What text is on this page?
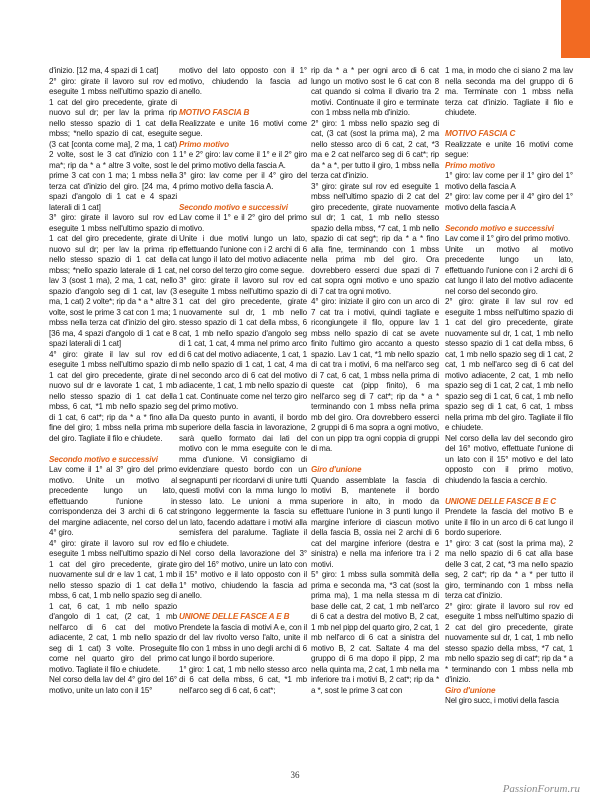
d'inizio. [12 ma, 4 spazi di 1 cat]

2° giro: girate il lavoro sul rov ed eseguite 1 mbss nell'ultimo spazio di 1 cat del giro precedente, girate di nuovo sul dr; per lav la prima rip nello stesso spazio di 1 cat della mbss; *nello spazio di cat, eseguite (3 cat [conta come ma], 2 ma, 1 cat) 2 volte, sost le 3 cat d'inizio con 1 ma*; rip da * a * altre 3 volte, sost le prime 3 cat con 1 ma; 1 mbss nella terza cat d'inizio del giro. [24 ma, 4 spazi d'angolo di 1 cat e 4 spazi laterali di 1 cat]

3° giro: girate il lavoro sul rov ed eseguite 1 mbss nell'ultimo spazio di 1 cat del giro precedente, girate di nuovo sul dr; per lav la prima rip nello stesso spazio di 1 cat della mbss; *nello spazio laterale di 1 cat, lav 3 (sost 1 ma), 2 ma, 1 cat, nello spazio d'angolo seg di 1 cat, lav (3 ma, 1 cat) 2 volte*; rip da * a * altre 3 volte, sost le prime 3 cat con 1 ma; 1 mbss nella terza cat d'inizio del giro. [36 ma, 4 spazi d'angolo di 1 cat e 8 spazi laterali di 1 cat]

4° giro: girate il lav sul rov ed eseguite 1 mbss nell'ultimo spazio di 1 cat del giro precedente, girate di nuovo sul dr e lavorate 1 cat, 1 mb nello stesso spazio di 1 cat della mbss, 6 cat, *1 mb nello spazio seg di 1 cat, 6 cat*; rip da * a * fino alla fine del giro; 1 mbss nella prima mb del giro. Tagliate il filo e chiudete.

Secondo motivo e successivi

Lav come il 1° al 3° giro del primo motivo. Unite un motivo al precedente lungo un lato, effettuando l'unione in corrispondenza dei 3 archi di 6 cat del margine adiacente, nel corso del 4° giro.

4° giro: girate il lavoro sul rov ed eseguite 1 mbss nell'ultimo spazio di 1 cat del giro precedente, girate nuovamente sul dr e lav 1 cat, 1 mb nello stesso spazio di 1 cat della mbss, 6 cat, 1 mb nello spazio seg di 1 cat, 6 cat, 1 mb nello spazio d'angolo di 1 cat, (2 cat, 1 mb nell'arco di 6 cat del motivo adiacente, 2 cat, 1 mb nello spazio seg di 1 cat) 3 volte. Proseguite come nel quarto giro del primo motivo. Tagliate il filo e chiudete.

Nel corso della lav del 4° giro del 16° motivo, unite un lato con il 15°

motivo del lato opposto con il 1° motivo, chiudendo la fascia ad anello.

MOTIVO FASCIA B

Realizzate e unite 16 motivi come segue.

Primo motivo

1° e 2° giro: lav come il 1° e il 2° giro del primo motivo della fascia A.

3° giro: lav come per il 4° giro del primo motivo della fascia A.

Secondo motivo e successivi

Lav come il 1° e il 2° giro del primo motivo.

Unite i due motivi lungo un lato, effettuando l'unione con i 2 archi di 6 cat lungo il lato del motivo adiacente nel corso del terzo giro come segue.

3° giro: girate il lavoro sul rov ed eseguite 1 mbss nell'ultimo spazio di 1 cat del giro precedente, girate nuovamente sul dr, 1 mb nello stesso spazio di 1 cat della mbss, 6 cat, 1 mb nello spazio d'angolo seg di 1 cat, 1 cat, 4 mma nel primo arco di 6 cat del motivo adiacente, 1 cat, 1 mb nello spazio di 1 cat, 1 cat, 4 ma nel secondo arco di 6 cat del motivo adiacente, 1 cat, 1 mb nello spazio di 1 cat. Continuate come nel terzo giro del primo motivo.

Da questo punto in avanti, il bordo superiore della fascia in lavorazione, sarà quello formato dai lati del motivo con le mma eseguite con le mma d'unione. Vi consigliamo di evidenziare questo bordo con un segnapunti per ricordarvi di unire tutti questi motivi con la mma lungo lo stesso lato. Le unioni a mma stringono leggermente la fascia su un lato, facendo adattare i motivi alla semisfera del paralume. Tagliate il filo e chiudete.

Nel corso della lavorazione del 3° giro del 16° motivo, unire un lato con il 15° motivo e il lato opposto con il 1° motivo, chiudendo la fascia ad anello.

UNIONE DELLE FASCE A E B

Prendete la fascia di motivi A e, con il dr del lav rivolto verso l'alto, unite il filo con 1 mbss in uno degli archi di 6 cat lungo il bordo superiore.

1° giro: 1 cat, 1 mb nello stesso arco di 6 cat della mbss, 6 cat, *1 mb nell'arco seg di 6 cat, 6 cat*;

rip da * a * per ogni arco di 6 cat lungo un motivo sost le 6 cat con 8 cat quando si colma il divario tra 2 motivi. Continuate il giro e terminate con 1 mbss nella mb d'inizio.

2° giro: 1 mbss nello spazio seg di cat, (3 cat (sost la prima ma), 2 ma nello stesso arco di 6 cat, 2 cat, *3 ma e 2 cat nell'arco seg di 6 cat*; rip da * a *, per tutto il giro, 1 mbss nella terza cat d'inizio.

3° giro: girate sul rov ed eseguite 1 mbss nell'ultimo spazio di 2 cat del giro precedente, girate nuovamente sul dr; 1 cat, 1 mb nello stesso spazio della mbss, *7 cat, 1 mb nello spazio di cat seg*; rip da * a * fino alla fine, terminando con 1 mbss nella prima mb del giro. Ora dovrebbero esserci due spazi di 7 cat sopra ogni motivo e uno spazio di 7 cat tra ogni motivo.

4° giro: iniziate il giro con un arco di 7 cat tra i motivi, quindi tagliate e ricongiungete il filo, oppure lav 1 mbss nello spazio di cat se avete finito l'ultimo giro accanto a questo spazio. Lav 1 cat, *1 mb nello spazio di cat tra i motivi, 6 ma nell'arco seg di 7 cat, 6 cat, 1 mbss nella prima di queste cat (pipp finito), 6 ma nell'arco seg di 7 cat*; rip da * a * terminando con 1 mbss nella prima mb del giro. Ora dovrebbero esserci 2 gruppi di 6 ma sopra a ogni motivo, con un pipp tra ogni coppia di gruppi di ma.

Giro d'unione

Quando assemblate la fascia di motivi B, mantenete il bordo superiore in alto, in modo da effettuare l'unione in 3 punti lungo il margine inferiore di ciascun motivo della fascia B, ossia nei 2 archi di 6 cat del margine inferiore (destra e sinistra) e nella ma inferiore tra i 2 motivi.

5° giro: 1 mbss sulla sommità della prima e seconda ma, *3 cat (sost la prima ma), 1 ma nella stessa m di base delle cat, 2 cat, 1 mb nell'arco di 6 cat a destra del motivo B, 2 cat, 1 mb nel pipp del quarto giro, 2 cat, 1 mb nell'arco di 6 cat a sinistra del motivo B, 2 cat. Saltate 4 ma del gruppo di 6 ma dopo il pipp, 2 ma nella quinta ma, 2 cat, 1 mb nella ma inferiore tra i motivi B, 2 cat*; rip da * a *, sost le prime 3 cat con

1 ma, in modo che ci siano 2 ma lav nella seconda ma del gruppo di 6 ma. Terminate con 1 mbss nella terza cat d'inizio. Tagliate il filo e chiudete.

MOTIVO FASCIA C

Realizzate e unite 16 motivi come segue:

Primo motivo

1° giro: lav come per il 1° giro del 1° motivo della fascia A

2° giro: lav come per il 4° giro del 1° motivo della fascia A

Secondo motivo e successivi

Lav come il 1° giro del primo motivo.

Unite un motivo al motivo precedente lungo un lato, effettuando l'unione con i 2 archi di 6 cat lungo il lato del motivo adiacente nel corso del secondo giro.

2° giro: girate il lav sul rov ed eseguite 1 mbss nell'ultimo spazio di 1 cat del giro precedente, girate nuovamente sul dr, 1 cat, 1 mb nello stesso spazio di 1 cat della mbss, 6 cat, 1 mb nello spazio seg di 1 cat, 2 cat, 1 mb nell'arco seg di 6 cat del motivo adiacente, 2 cat, 1 mb nello spazio seg di 1 cat, 2 cat, 1 mb nello spazio seg di 1 cat, 6 cat, 1 mb nello spazio seg di 1 cat, 6 cat, 1 mbss nella prima mb del giro. Tagliate il filo e chiudete.

Nel corso della lav del secondo giro del 16° motivo, effettuate l'unione di un lato con il 15° motivo e del lato opposto con il primo motivo, chiudendo la fascia a cerchio.

UNIONE DELLE FASCE B E C

Prendete la fascia del motivo B e unite il filo in un arco di 6 cat lungo il bordo superiore.

1° giro: 3 cat (sost la prima ma), 2 ma nello spazio di 6 cat alla base delle 3 cat, 2 cat, *3 ma nello spazio seg, 2 cat*; rip da * a * per tutto il giro, terminando con 1 mbss nella terza cat d'inizio.

2° giro: girate il lavoro sul rov ed eseguite 1 mbss nell'ultimo spazio di 2 cat del giro precedente, girate nuovamente sul dr, 1 cat, 1 mb nello stesso spazio della mbss, *7 cat, 1 mb nello spazio seg di cat*; rip da * a * terminando con 1 mbss nella mb d'inizio.

Giro d'unione

Nel giro succ, i motivi della fascia

36
PassionForum.ru
